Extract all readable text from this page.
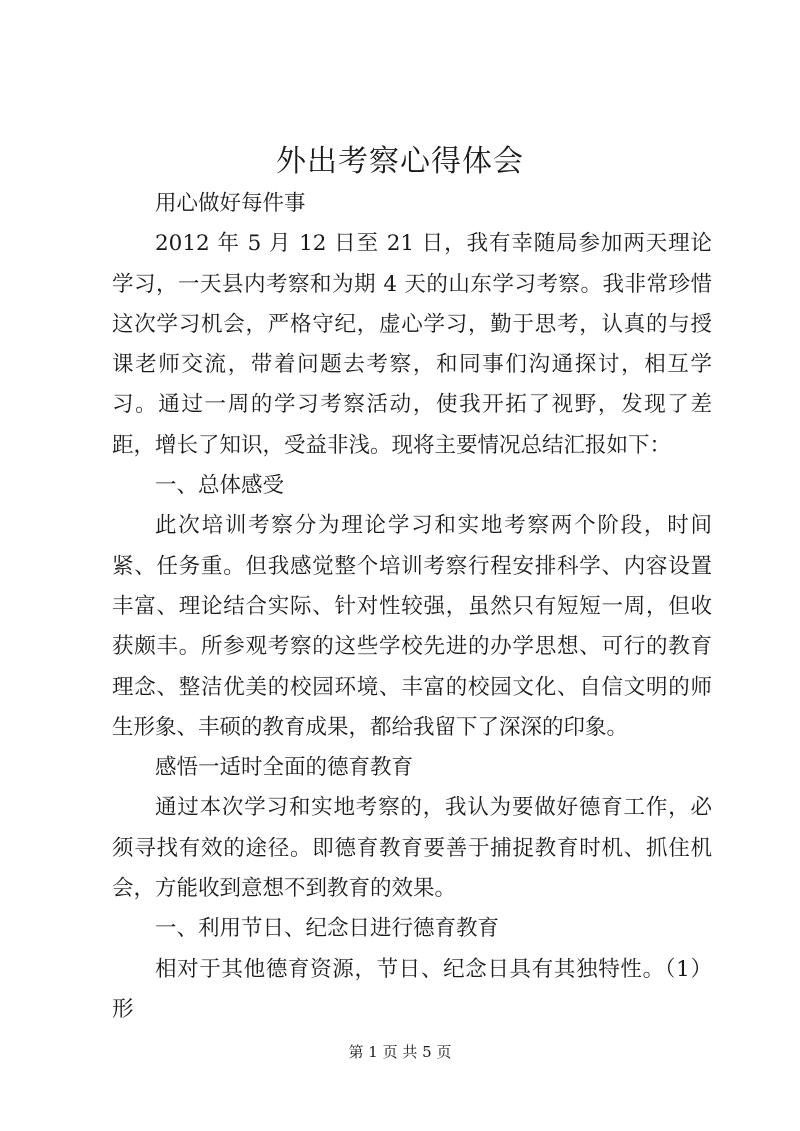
外出考察心得体会

用心做好每件事

2012 年 5 月 12 日至 21 日，我有幸随局参加两天理论学习，一天县内考察和为期 4 天的山东学习考察。我非常珍惜这次学习机会，严格守纪，虚心学习，勤于思考，认真的与授课老师交流，带着问题去考察，和同事们沟通探讨，相互学习。通过一周的学习考察活动，使我开拓了视野，发现了差距，增长了知识，受益非浅。现将主要情况总结汇报如下：

一、总体感受

此次培训考察分为理论学习和实地考察两个阶段，时间紧、任务重。但我感觉整个培训考察行程安排科学、内容设置丰富、理论结合实际、针对性较强，虽然只有短短一周，但收获颇丰。所参观考察的这些学校先进的办学思想、可行的教育理念、整洁优美的校园环境、丰富的校园文化、自信文明的师生形象、丰硕的教育成果，都给我留下了深深的印象。

感悟一适时全面的德育教育

通过本次学习和实地考察的，我认为要做好德育工作，必须寻找有效的途径。即德育教育要善于捕捉教育时机、抓住机会，方能收到意想不到教育的效果。

一、利用节日、纪念日进行德育教育

相对于其他德育资源，节日、纪念日具有其独特性。（1）形

第 1 页 共 5 页
